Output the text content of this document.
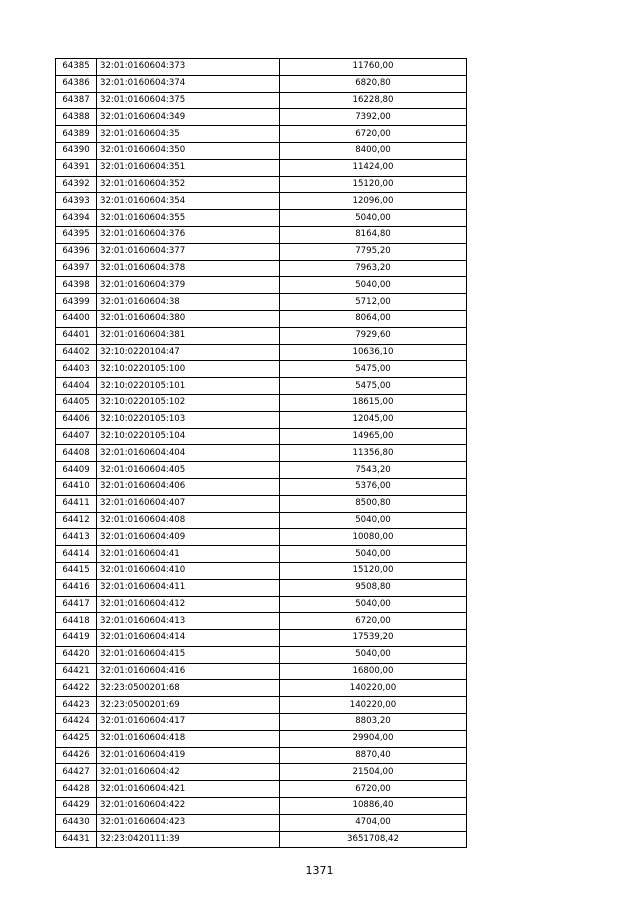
64385	32:01:0160604:373	11760,00
64386	32:01:0160604:374	6820,80
64387	32:01:0160604:375	16228,80
64388	32:01:0160604:349	7392,00
64389	32:01:0160604:35	6720,00
64390	32:01:0160604:350	8400,00
64391	32:01:0160604:351	11424,00
64392	32:01:0160604:352	15120,00
64393	32:01:0160604:354	12096,00
64394	32:01:0160604:355	5040,00
64395	32:01:0160604:376	8164,80
64396	32:01:0160604:377	7795,20
64397	32:01:0160604:378	7963,20
64398	32:01:0160604:379	5040,00
64399	32:01:0160604:38	5712,00
64400	32:01:0160604:380	8064,00
64401	32:01:0160604:381	7929,60
64402	32:10:0220104:47	10636,10
64403	32:10:0220105:100	5475,00
64404	32:10:0220105:101	5475,00
64405	32:10:0220105:102	18615,00
64406	32:10:0220105:103	12045,00
64407	32:10:0220105:104	14965,00
64408	32:01:0160604:404	11356,80
64409	32:01:0160604:405	7543,20
64410	32:01:0160604:406	5376,00
64411	32:01:0160604:407	8500,80
64412	32:01:0160604:408	5040,00
64413	32:01:0160604:409	10080,00
64414	32:01:0160604:41	5040,00
64415	32:01:0160604:410	15120,00
64416	32:01:0160604:411	9508,80
64417	32:01:0160604:412	5040,00
64418	32:01:0160604:413	6720,00
64419	32:01:0160604:414	17539,20
64420	32:01:0160604:415	5040,00
64421	32:01:0160604:416	16800,00
64422	32:23:0500201:68	140220,00
64423	32:23:0500201:69	140220,00
64424	32:01:0160604:417	8803,20
64425	32:01:0160604:418	29904,00
64426	32:01:0160604:419	8870,40
64427	32:01:0160604:42	21504,00
64428	32:01:0160604:421	6720,00
64429	32:01:0160604:422	10886,40
64430	32:01:0160604:423	4704,00
64431	32:23:0420111:39	3651708,42
1371
